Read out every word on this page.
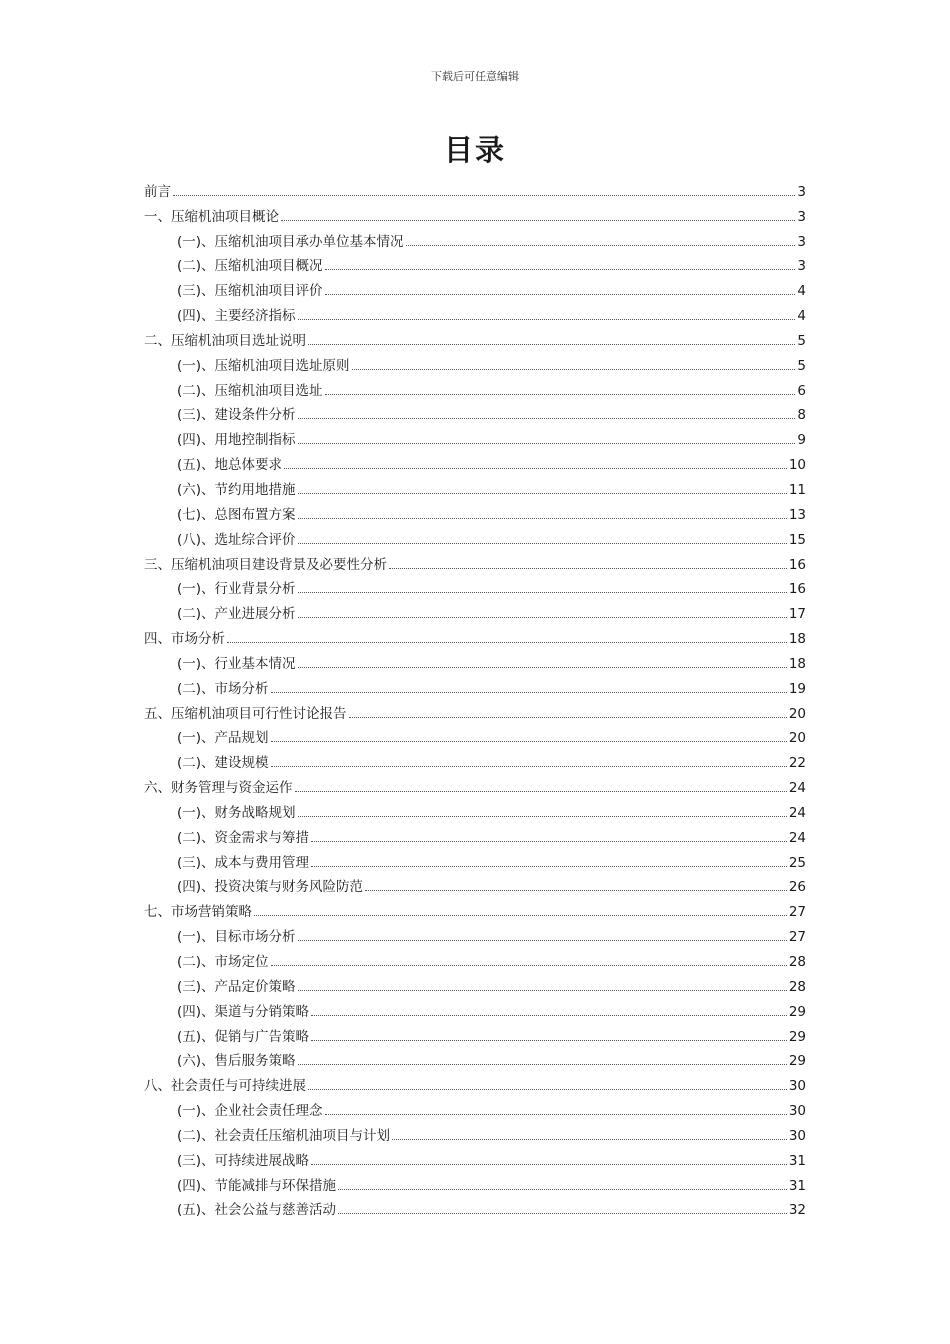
下载后可任意编辑
目录
前言	3
一、压缩机油项目概论	3
(一)、压缩机油项目承办单位基本情况	3
(二)、压缩机油项目概况	3
(三)、压缩机油项目评价	4
(四)、主要经济指标	4
二、压缩机油项目选址说明	5
(一)、压缩机油项目选址原则	5
(二)、压缩机油项目选址	6
(三)、建设条件分析	8
(四)、用地控制指标	9
(五)、地总体要求	10
(六)、节约用地措施	11
(七)、总图布置方案	13
(八)、选址综合评价	15
三、压缩机油项目建设背景及必要性分析	16
(一)、行业背景分析	16
(二)、产业进展分析	17
四、市场分析	18
(一)、行业基本情况	18
(二)、市场分析	19
五、压缩机油项目可行性讨论报告	20
(一)、产品规划	20
(二)、建设规模	22
六、财务管理与资金运作	24
(一)、财务战略规划	24
(二)、资金需求与筹措	24
(三)、成本与费用管理	25
(四)、投资决策与财务风险防范	26
七、市场营销策略	27
(一)、目标市场分析	27
(二)、市场定位	28
(三)、产品定价策略	28
(四)、渠道与分销策略	29
(五)、促销与广告策略	29
(六)、售后服务策略	29
八、社会责任与可持续进展	30
(一)、企业社会责任理念	30
(二)、社会责任压缩机油项目与计划	30
(三)、可持续进展战略	31
(四)、节能减排与环保措施	31
(五)、社会公益与慈善活动	32
